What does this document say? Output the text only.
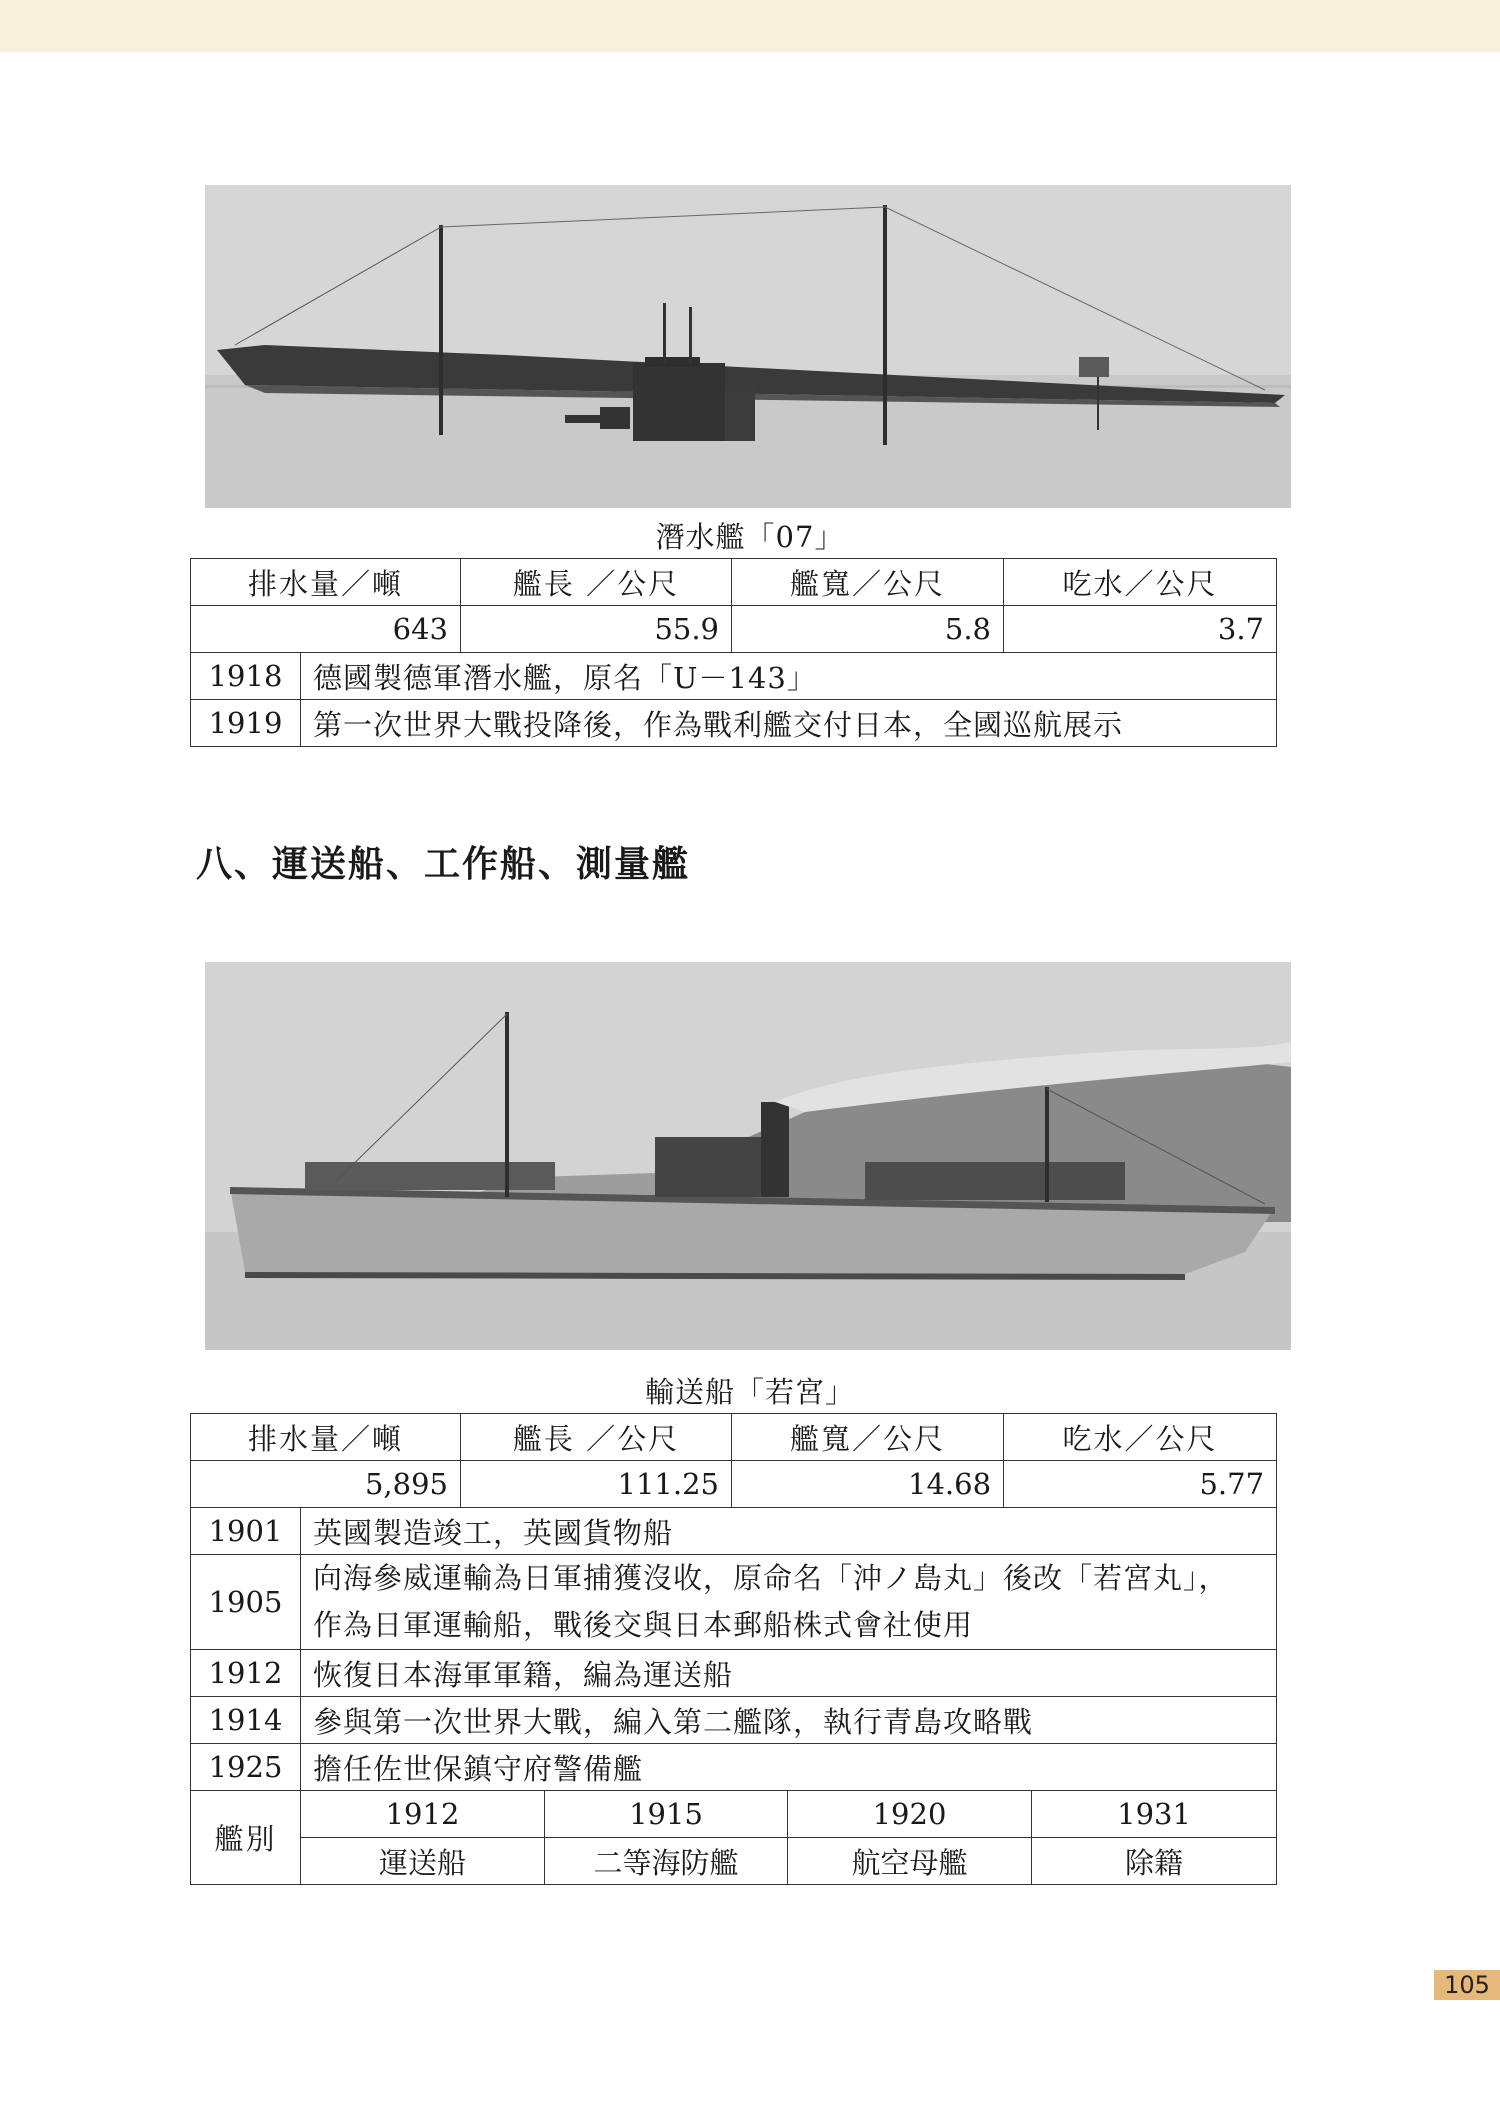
潛水艦「07」
排水量／噸		艦長 ／公尺	艦寬／公尺	吃水／公尺
643		55.9	5.8	3.7
1918	德國製德軍潛水艦，原名「U－143」			
1919	第一次世界大戰投降後，作為戰利艦交付日本，全國巡航展示			
八、運送船、工作船、測量艦
輸送船「若宮」
排水量／噸		艦長 ／公尺		艦寬／公尺		吃水／公尺	
5,895		111.25		14.68		5.77	
1901	英國製造竣工，英國貨物船						
1905	向海參威運輸為日軍捕獲沒收，原命名「沖ノ島丸」後改「若宮丸」，
作為日軍運輸船，戰後交與日本郵船株式會社使用						
1912	恢復日本海軍軍籍，編為運送船						
1914	參與第一次世界大戰，編入第二艦隊，執行青島攻略戰						
1925	擔任佐世保鎮守府警備艦						
艦別	1912		1915		1920		1931
	運送船		二等海防艦		航空母艦		除籍
105
